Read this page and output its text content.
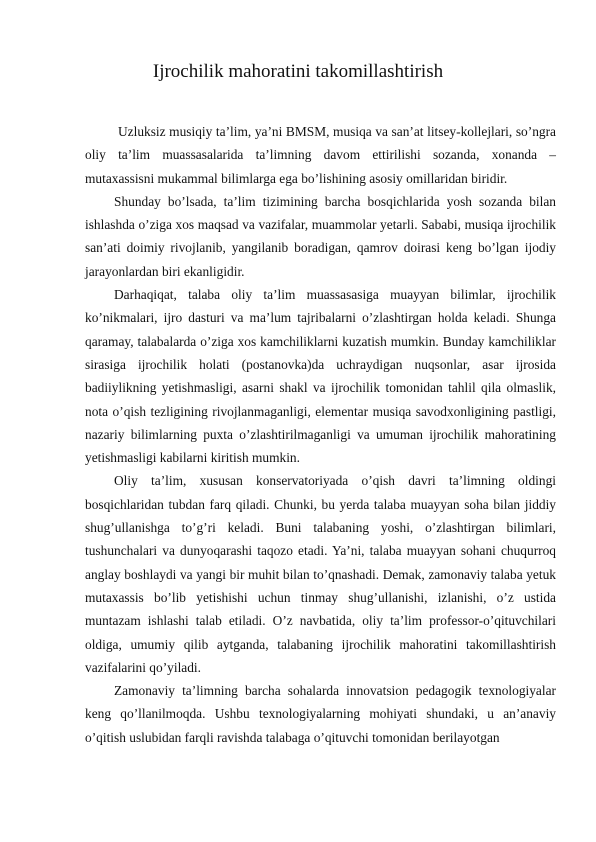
Ijrochilik mahoratini takomillashtirish

Uzluksiz musiqiy ta’lim, ya’ni BMSM, musiqa va san’at litsey-kollejlari, so’ngra oliy ta’lim muassasalarida ta’limning davom ettirilishi sozanda, xonanda – mutaxassisni mukammal bilimlarga ega bo’lishining asosiy omillaridan biridir.

Shunday bo’lsada, ta’lim tizimining barcha bosqichlarida yosh sozanda bilan ishlashda o’ziga xos maqsad va vazifalar, muammolar yetarli. Sababi, musiqa ijrochilik san’ati doimiy rivojlanib, yangilanib boradigan, qamrov doirasi keng bo’lgan ijodiy jarayonlardan biri ekanligidir.

Darhaqiqat, talaba oliy ta’lim muassasasiga muayyan bilimlar, ijrochilik ko’nikmalari, ijro dasturi va ma’lum tajribalarni o’zlashtirgan holda keladi. Shunga qaramay, talabalarda o’ziga xos kamchiliklarni kuzatish mumkin. Bunday kamchiliklar sirasiga ijrochilik holati (postanovka)da uchraydigan nuqsonlar, asar ijrosida badiiylikning yetishmasligi, asarni shakl va ijrochilik tomonidan tahlil qila olmaslik, nota o’qish tezligining rivojlanmaganligi, elementar musiqa savodxonligining pastligi, nazariy bilimlarning puxta o’zlashtirilmaganligi va umuman ijrochilik mahoratining yetishmasligi kabilarni kiritish mumkin.

Oliy ta’lim, xususan konservatoriyada o’qish davri ta’limning oldingi bosqichlaridan tubdan farq qiladi. Chunki, bu yerda talaba muayyan soha bilan jiddiy shug’ullanishga to’g’ri keladi. Buni talabaning yoshi, o’zlashtirgan bilimlari, tushunchalari va dunyoqarashi taqozo etadi. Ya’ni, talaba muayyan sohani chuqurroq anglay boshlaydi va yangi bir muhit bilan to’qnashadi. Demak, zamonaviy talaba yetuk mutaxassis bo’lib yetishishi uchun tinmay shug’ullanishi, izlanishi, o’z ustida muntazam ishlashi talab etiladi. O’z navbatida, oliy ta’lim professor-o’qituvchilari oldiga, umumiy qilib aytganda, talabaning ijrochilik mahoratini takomillashtirish vazifalarini qo’yiladi.

Zamonaviy ta’limning barcha sohalarda innovatsion pedagogik texnologiyalar keng qo’llanilmoqda. Ushbu texnologiyalarning mohiyati shundaki, u an’anaviy o’qitish uslubidan farqli ravishda talabaga o’qituvchi tomonidan berilayotgan
